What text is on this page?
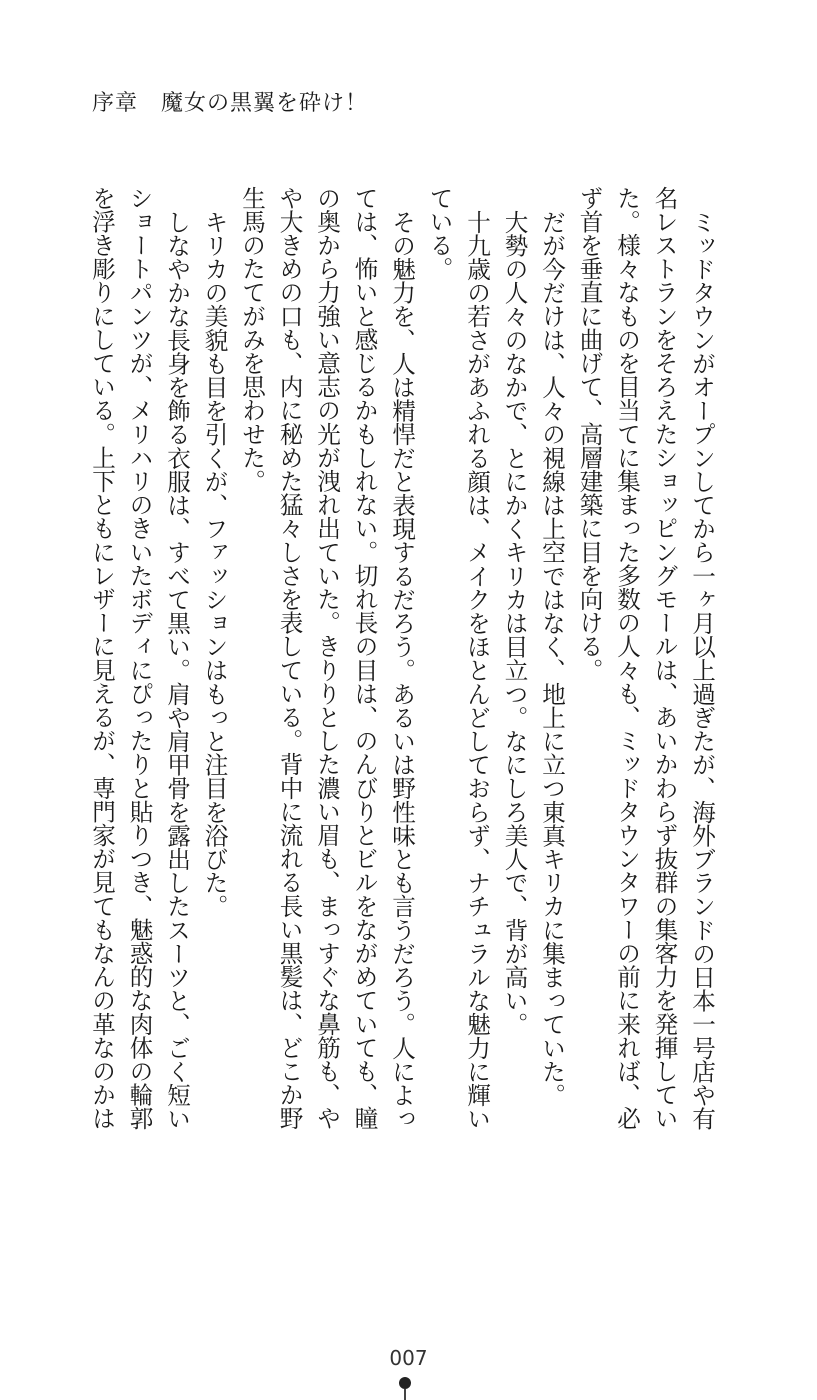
序章　魔女の黒翼を砕け！
ミッドタウンがオープンしてから一ヶ月以上過ぎたが、海外ブランドの日本一号店や有
名レストランをそろえたショッピングモールは、あいかわらず抜群の集客力を発揮してい
た。様々なものを目当てに集まった多数の人々も、ミッドタウンタワーの前に来れば、必
ず首を垂直に曲げて、高層建築に目を向ける。
だが今だけは、人々の視線は上空ではなく、地上に立つ東真キリカに集まっていた。
大勢の人々のなかで、とにかくキリカは目立つ。なにしろ美人で、背が高い。
十九歳の若さがあふれる顔は、メイクをほとんどしておらず、ナチュラルな魅力に輝い
ている。
その魅力を、人は精悍だと表現するだろう。あるいは野性味とも言うだろう。人によっ
ては、怖いと感じるかもしれない。切れ長の目は、のんびりとビルをながめていても、瞳
の奥から力強い意志の光が洩れ出ていた。きりりとした濃い眉も、まっすぐな鼻筋も、や
や大きめの口も、内に秘めた猛々しさを表している。背中に流れる長い黒髪は、どこか野
生馬のたてがみを思わせた。
キリカの美貌も目を引くが、ファッションはもっと注目を浴びた。
しなやかな長身を飾る衣服は、すべて黒い。肩や肩甲骨を露出したスーツと、ごく短い
ショートパンツが、メリハリのきいたボディにぴったりと貼りつき、魅惑的な肉体の輪郭
を浮き彫りにしている。上下ともにレザーに見えるが、専門家が見てもなんの革なのかは
007
